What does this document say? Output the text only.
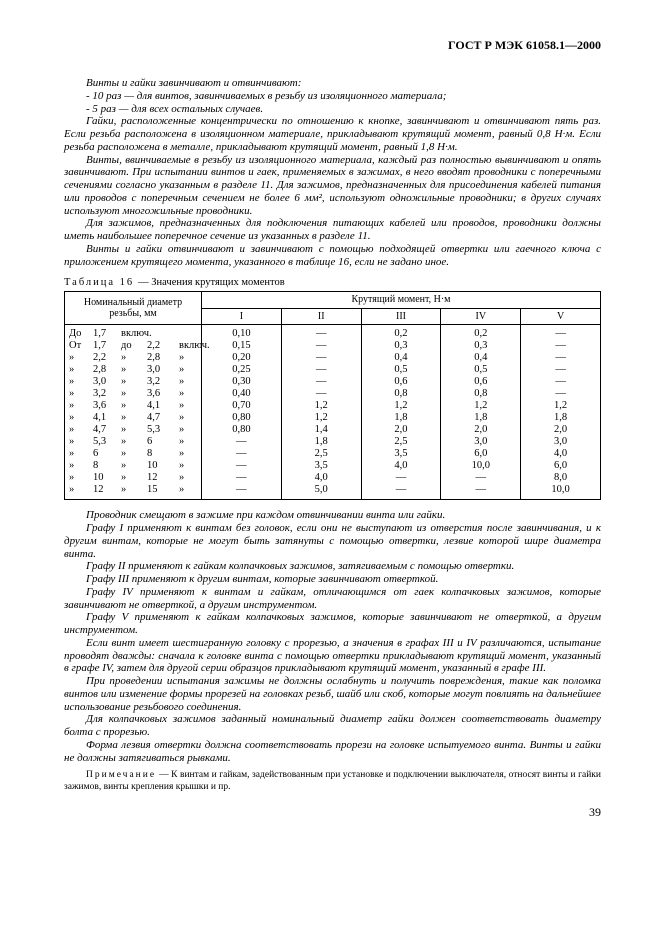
ГОСТ Р МЭК 61058.1—2000

Винты и гайки завинчивают и отвинчивают:

- 10 раз — для винтов, завинчиваемых в резьбу из изоляционного материала;

- 5 раз — для всех остальных случаев.

Гайки, расположенные концентрически по отношению к кнопке, завинчивают и отвинчивают пять раз. Если резьба расположена в изоляционном материале, прикладывают крутящий момент, равный 0,8 Н·м. Если резьба расположена в металле, прикладывают крутящий момент, равный 1,8 Н·м.

Винты, ввинчиваемые в резьбу из изоляционного материала, каждый раз полностью вывинчивают и опять завинчивают. При испытании винтов и гаек, применяемых в зажимах, в него вводят проводники с поперечными сечениями согласно указанным в разделе 11. Для зажимов, предназначенных для присоединения кабелей питания или проводов с поперечным сечением не более 6 мм², используют одножильные проводники; в других случаях используют многожильные проводники.

Для зажимов, предназначенных для подключения питающих кабелей или проводов, проводники должны иметь наибольшее поперечное сечение из указанных в разделе 11.

Винты и гайки отвинчивают и завинчивают с помощью подходящей отвертки или гаечного ключа с приложением крутящего момента, указанного в таблице 16, если не задано иное.

Таблица 16 — Значения крутящих моментов
Номинальный диаметр резьбы, мм	Крутящий момент, Н·м				
	I	II	III	IV	V
До 1,7 включ.	0,10	—	0,2	0,2	—
От 1,7 до 2,2 включ.	0,15	—	0,3	0,3	—
» 2,2 » 2,8 »	0,20	—	0,4	0,4	—
» 2,8 » 3,0 »	0,25	—	0,5	0,5	—
» 3,0 » 3,2 »	0,30	—	0,6	0,6	—
» 3,2 » 3,6 »	0,40	—	0,8	0,8	—
» 3,6 » 4,1 »	0,70	1,2	1,2	1,2	1,2
» 4,1 » 4,7 »	0,80	1,2	1,8	1,8	1,8
» 4,7 » 5,3 »	0,80	1,4	2,0	2,0	2,0
» 5,3 » 6 »	—	1,8	2,5	3,0	3,0
» 6 » 8 »	—	2,5	3,5	6,0	4,0
» 8 » 10 »	—	3,5	4,0	10,0	6,0
» 10 » 12 »	—	4,0	—	—	8,0
» 12 » 15 »	—	5,0	—	—	10,0

Проводник смещают в зажиме при каждом отвинчивании винта или гайки.

Графу I применяют к винтам без головок, если они не выступают из отверстия после завинчивания, и к другим винтам, которые не могут быть затянуты с помощью отвертки, лезвие которой шире диаметра винта.

Графу II применяют к гайкам колпачковых зажимов, затягиваемым с помощью отвертки.

Графу III применяют к другим винтам, которые завинчивают отверткой.

Графу IV применяют к винтам и гайкам, отличающимся от гаек колпачковых зажимов, которые завинчивают не отверткой, а другим инструментом.

Графу V применяют к гайкам колпачковых зажимов, которые завинчивают не отверткой, а другим инструментом.

Если винт имеет шестигранную головку с прорезью, а значения в графах III и IV различаются, испытание проводят дважды: сначала к головке винта с помощью отвертки прикладывают крутящий момент, указанный в графе IV, затем для другой серии образцов прикладывают крутящий момент, указанный в графе III.

При проведении испытания зажимы не должны ослабнуть и получить повреждения, такие как поломка винтов или изменение формы прорезей на головках резьб, шайб или скоб, которые могут повлиять на дальнейшее использование резьбового соединения.

Для колпачковых зажимов заданный номинальный диаметр гайки должен соответствовать диаметру болта с прорезью.

Форма лезвия отвертки должна соответствовать прорези на головке испытуемого винта. Винты и гайки не должны затягиваться рывками.

Примечание — К винтам и гайкам, задействованным при установке и подключении выключателя, относят винты и гайки зажимов, винты крепления крышки и пр.
39
